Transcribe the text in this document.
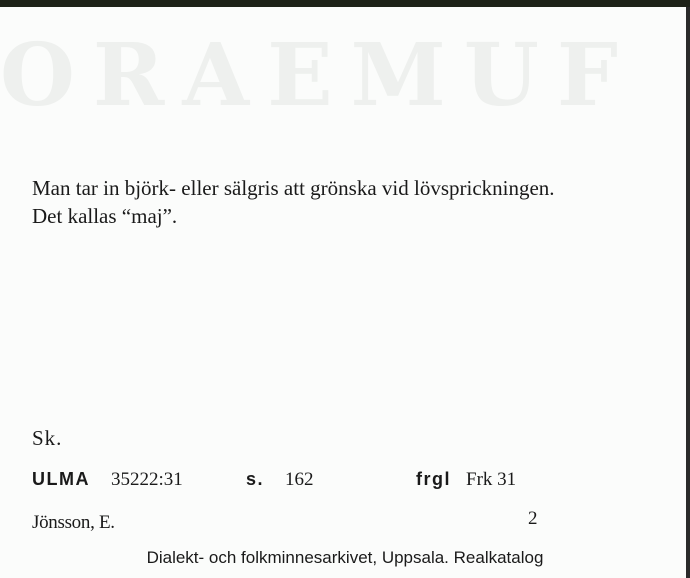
ORAEMUF
Man tar in björk- eller sälgris att grönska vid lövsprickningen.
Det kallas “maj”.
Sk.
ULMA 35222:31	s. 162	frgl Frk 31
Jönsson, E.	2
Dialekt- och folkminnesarkivet, Uppsala. Realkatalog
